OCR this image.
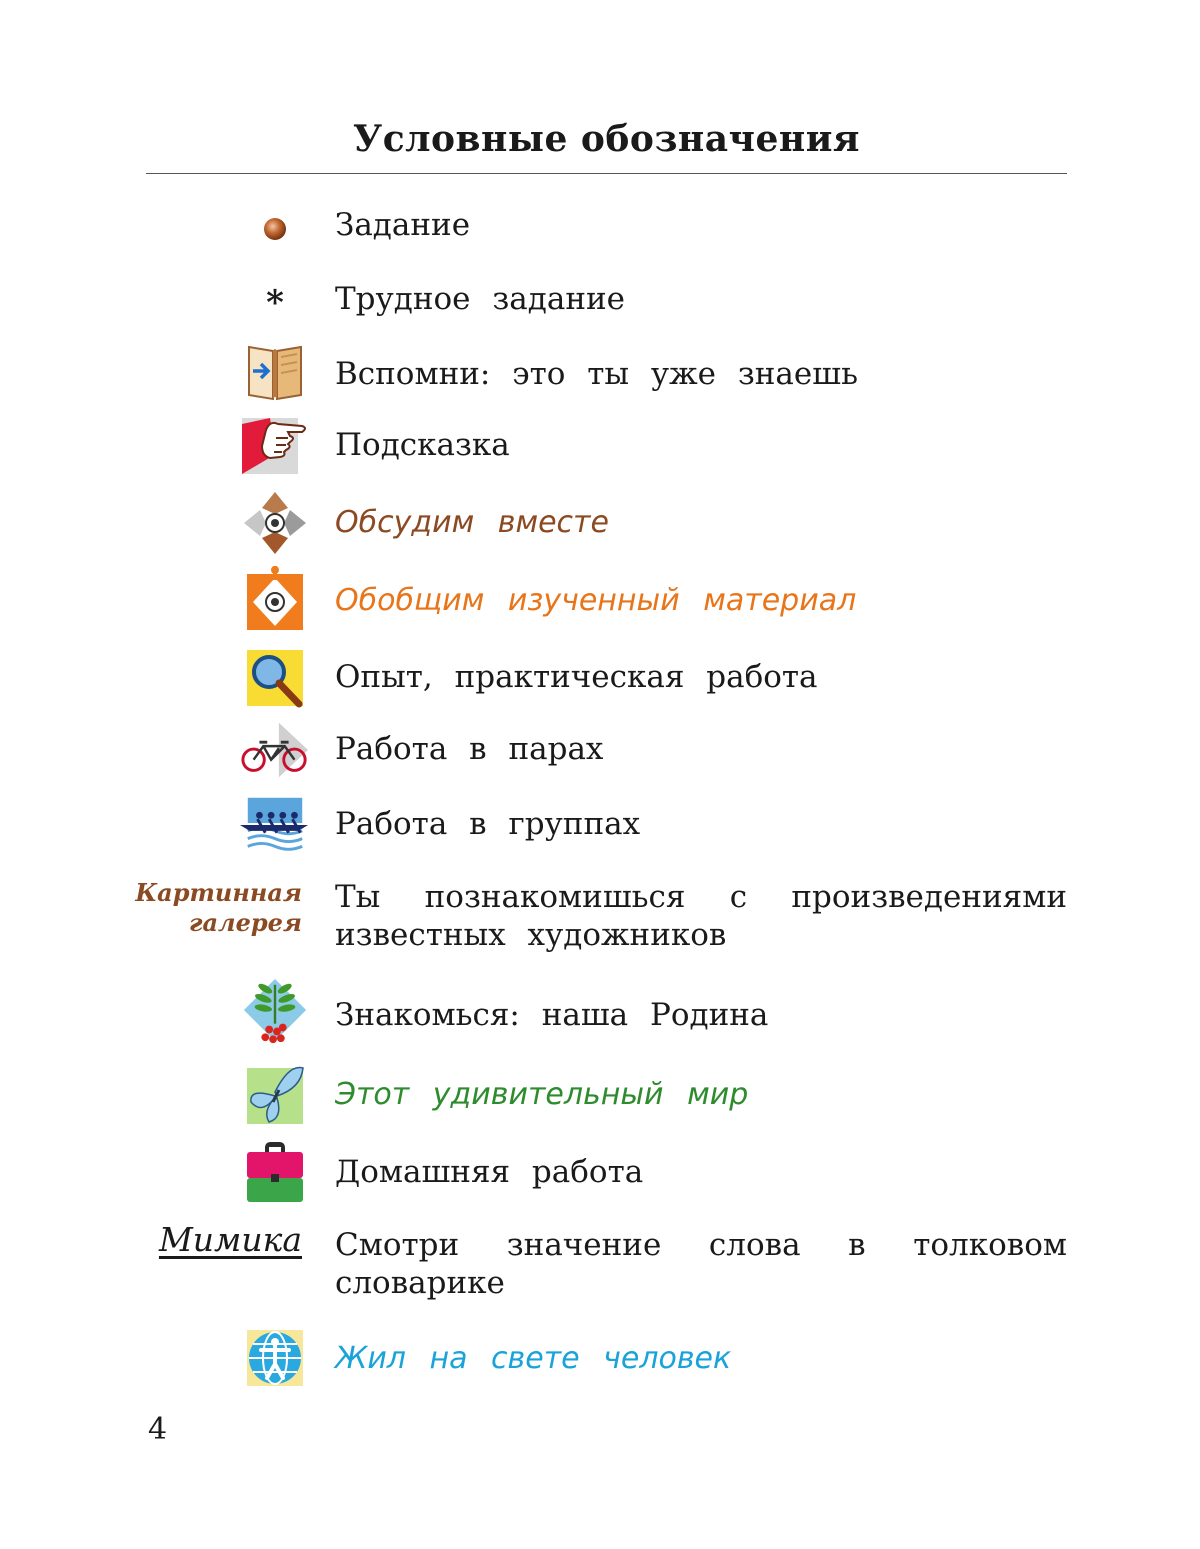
Условные обозначения
Задание
*	Трудное задание
Вспомни: это ты уже знаешь
Подсказка
Обсудим вместе
Обобщим изученный материал
Опыт, практическая работа
Работа в парах
Работа в группах
Картинная
галерея
Ты познакомишься с произведениями известных художников
Знакомься: наша Родина
Этот удивительный мир
Домашняя работа
Мимика Смотри значение слова в толковом словарике
Жил на свете человек

4
